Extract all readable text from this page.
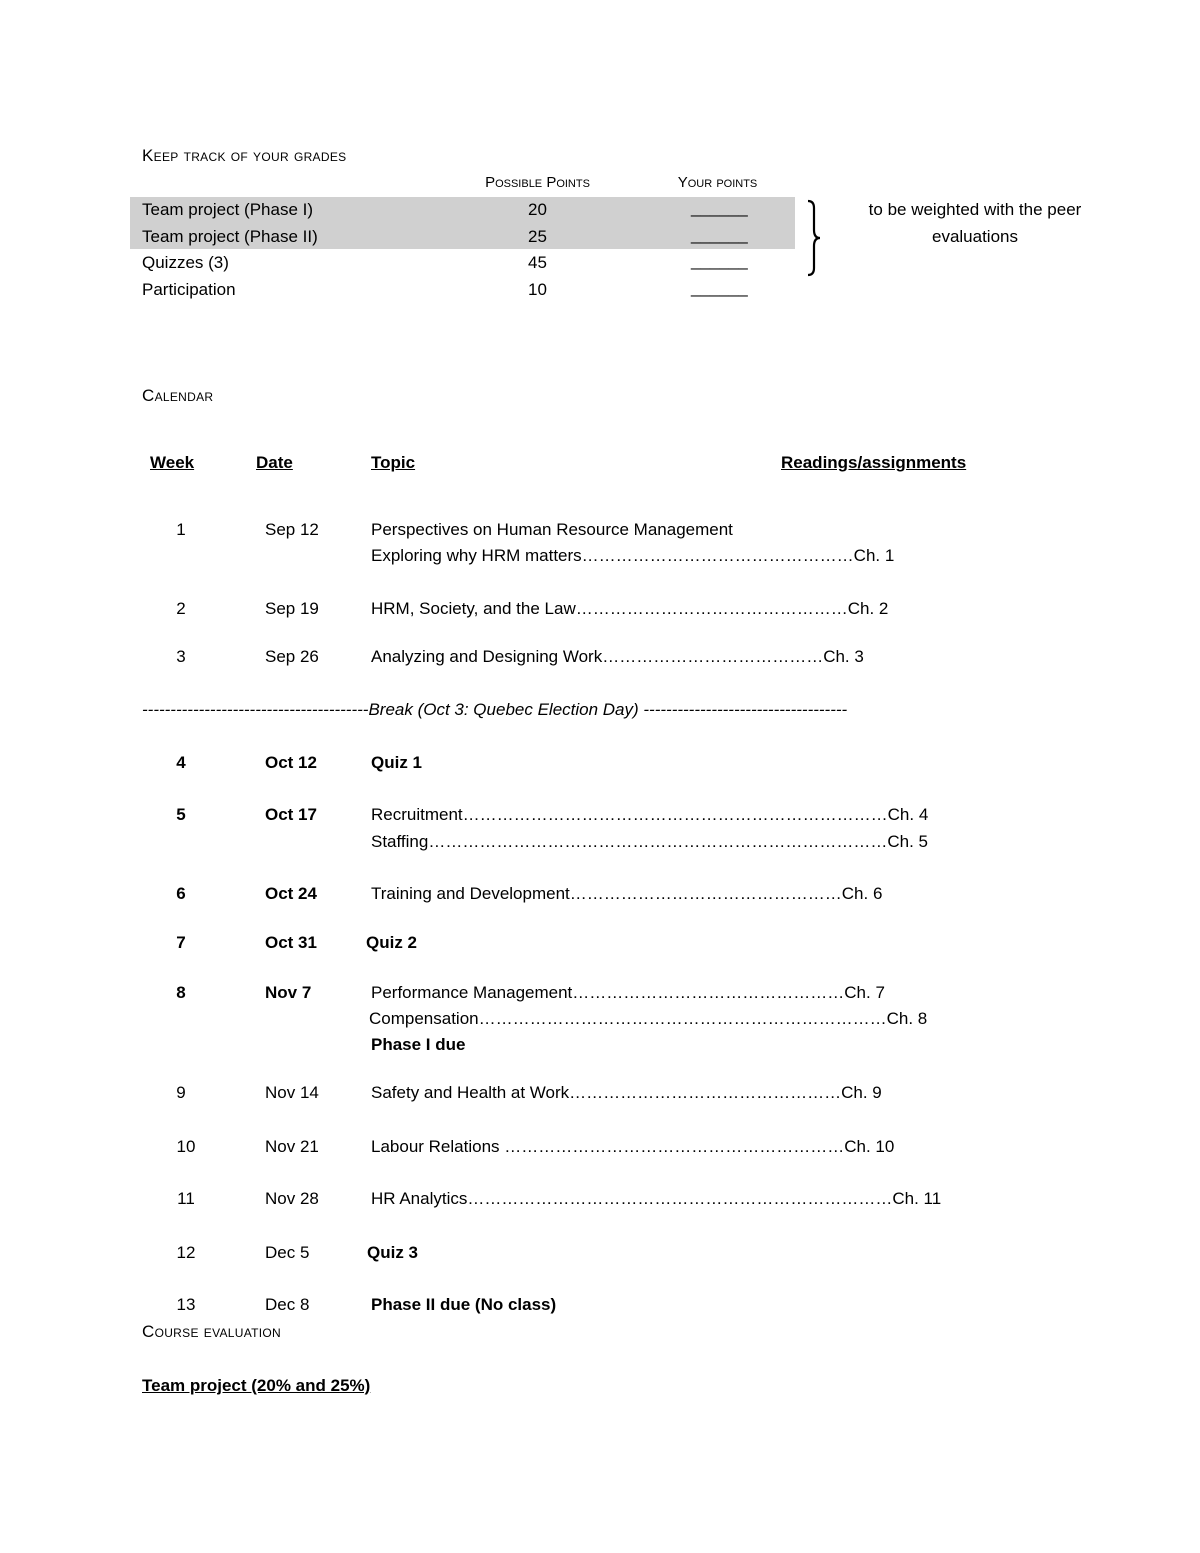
Keep track of your grades
Possible Points	Your points
Team project (Phase I)	20	______
Team project (Phase II)	25	______
Quizzes (3)	45	______
Participation	10	______
to be weighted with the peer
evaluations
Calendar
Week	Date	Topic	Readings/assignments
1	Sep 12	Perspectives on Human Resource Management
Exploring why HRM matters…………………………………………Ch. 1
2	Sep 19	HRM, Society, and the Law…………………………………………Ch. 2
3	Sep 26	Analyzing and Designing Work…………………………………Ch. 3
----------------------------------------Break (Oct 3: Quebec Election Day) ------------------------------------
4	Oct 12	Quiz 1
5	Oct 17	Recruitment…………………………………………………………………Ch. 4
Staffing………………………………………………………………………Ch. 5
6	Oct 24	Training and Development…………………………………………Ch. 6
7	Oct 31	Quiz 2
8	Nov 7	Performance Management…………………………………………Ch. 7
Compensation………………………………………………………………Ch. 8
Phase I due
9	Nov 14	Safety and Health at Work…………………………………………Ch. 9
10	Nov 21	Labour Relations ……………………………………………………Ch. 10
11	Nov 28	HR Analytics…………………………………………………………………Ch. 11
12	Dec 5	Quiz 3
13	Dec 8	Phase II due (No class)
Course evaluation
Team project (20% and 25%)
